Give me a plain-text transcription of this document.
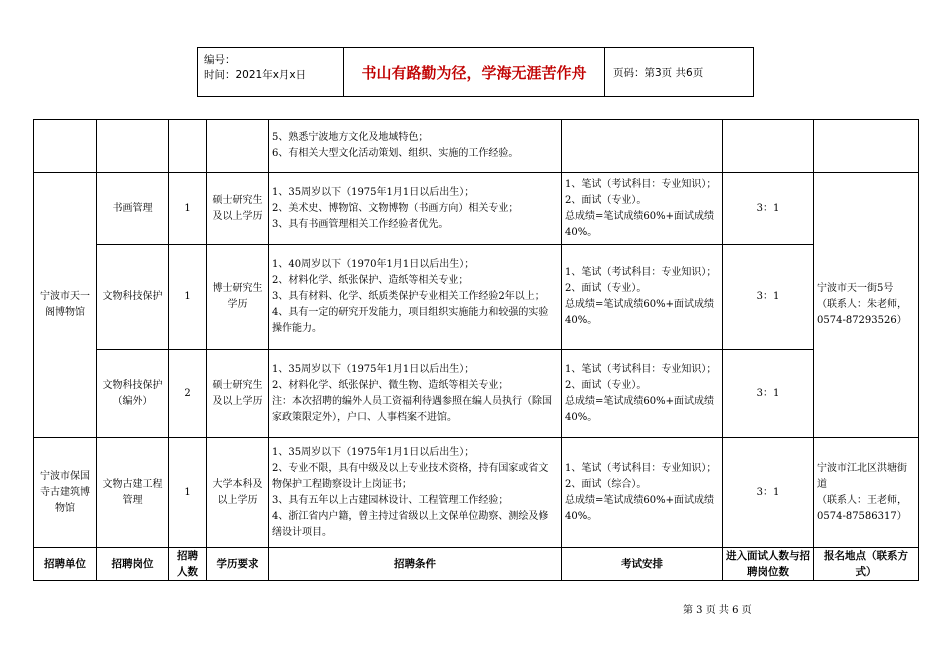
编号：
时间：2021年x月x日	书山有路勤为径，学海无涯苦作舟	页码：第3页 共6页

				5、熟悉宁波地方文化及地域特色；
6、有相关大型文化活动策划、组织、实施的工作经验。			

宁波市天一阁博物馆	书画管理	1	硕士研究生及以上学历	1、35周岁以下（1975年1月1日以后出生）；
2、美术史、博物馆、文物博物（书画方向）相关专业；
3、具有书画管理相关工作经验者优先。	1、笔试（考试科目：专业知识）；2、面试（专业）。
总成绩=笔试成绩60%+面试成绩40%。	3：1	宁波市天一街5号
（联系人：朱老师，0574-87293526）

	文物科技保护	1	博士研究生学历	1、40周岁以下（1970年1月1日以后出生）；
2、材料化学、纸张保护、造纸等相关专业；
3、具有材料、化学、纸质类保护专业相关工作经验2年以上；
4、具有一定的研究开发能力，项目组织实施能力和较强的实验操作能力。	1、笔试（考试科目：专业知识）；2、面试（专业）。
总成绩=笔试成绩60%+面试成绩40%。	3：1	
	文物科技保护（编外）	2	硕士研究生及以上学历	1、35周岁以下（1975年1月1日以后出生）；
2、材料化学、纸张保护、微生物、造纸等相关专业；
注：本次招聘的编外人员工资福利待遇参照在编人员执行（除国家政策限定外），户口、人事档案不进馆。	1、笔试（考试科目：专业知识）；2、面试（专业）。
总成绩=笔试成绩60%+面试成绩40%。	3：1	
宁波市保国寺古建筑博物馆	文物古建工程管理	1	大学本科及以上学历	1、35周岁以下（1975年1月1日以后出生）；
2、专业不限，具有中级及以上专业技术资格，持有国家或省文物保护工程勘察设计上岗证书；
3、具有五年以上古建园林设计、工程管理工作经验；
4、浙江省内户籍，曾主持过省级以上文保单位勘察、测绘及修缮设计项目。	1、笔试（考试科目：专业知识）；2、面试（综合）。
总成绩=笔试成绩60%+面试成绩40%。	3：1	宁波市江北区洪塘街道
（联系人：王老师，0574-87586317）

招聘单位	招聘岗位	招聘人数	学历要求	招聘条件	考试安排	进入面试人数与招聘岗位数	报名地点（联系方式）
第 3 页 共 6 页
